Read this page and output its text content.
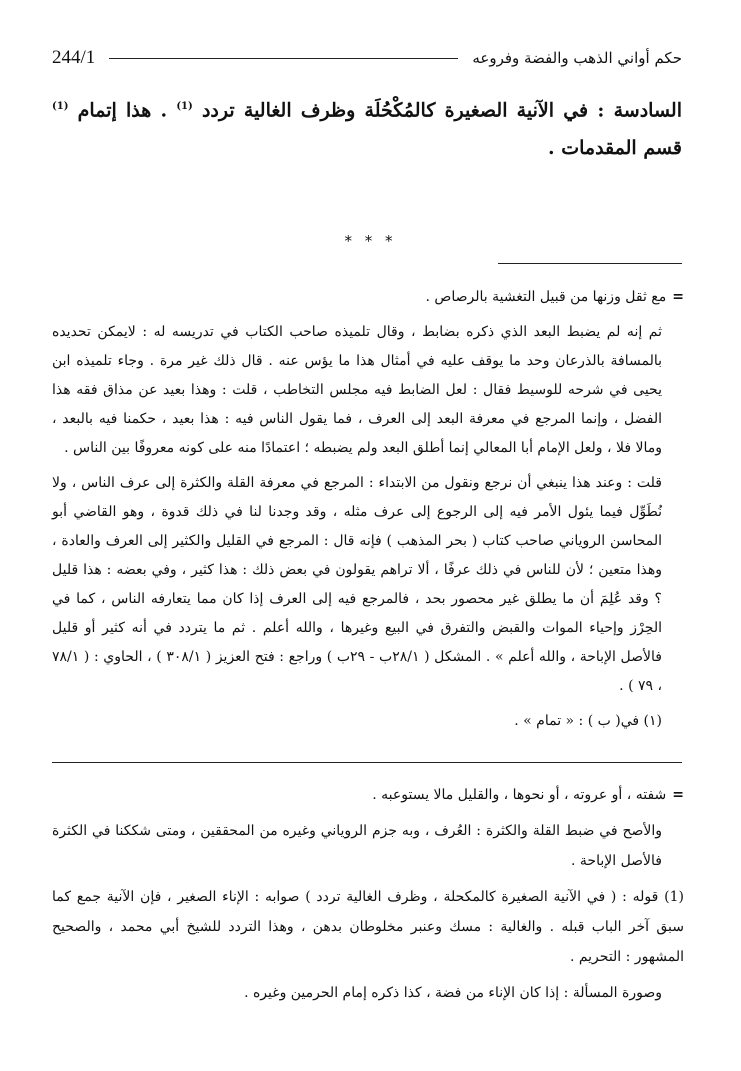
244/1	حكم أواني الذهب والفضة وفروعه
السادسة : في الآنية الصغيرة كالمُكْحُلَة وظرف الغالية تردد $^{(1)}$ . هذا إتمام $^{(1)}$ قسم المقدمات .
* * *

=مع ثقل وزنها من قبيل التغشية بالرصاص .

ثم إنه لم يضبط البعد الذي ذكره بضابط ، وقال تلميذه صاحب الكتاب في تدريسه له : لايمكن تحديده بالمسافة بالذرعان وحد ما يوقف عليه في أمثال هذا ما يؤس عنه . قال ذلك غير مرة . وجاء تلميذه ابن يحيى في شرحه للوسيط فقال : لعل الضابط فيه مجلس التخاطب ، قلت : وهذا بعيد عن مذاق فقه هذا الفضل ، وإنما المرجع في معرفة البعد إلى العرف ، فما يقول الناس فيه : هذا بعيد ، حكمنا فيه بالبعد ، ومالا فلا ، ولعل الإمام أبا المعالي إنما أطلق البعد ولم يضبطه ؛ اعتمادًا منه على كونه معروفًا بين الناس .

قلت : وعند هذا ينبغي أن نرجع ونقول من الابتداء : المرجع في معرفة القلة والكثرة إلى عرف الناس ، ولا نُطَوِّل فيما يئول الأمر فيه إلى الرجوع إلى عرف مثله ، وقد وجدنا لنا في ذلك قدوة ، وهو القاضي أبو المحاسن الروياني صاحب كتاب ( بحر المذهب ) فإنه قال : المرجع في القليل والكثير إلى العرف والعادة ، وهذا متعين ؛ لأن للناس في ذلك عرفًا ، ألا تراهم يقولون في بعض ذلك : هذا كثير ، وفي بعضه : هذا قليل ؟ وقد عُلِمَ أن ما يطلق غير محصور بحد ، فالمرجع فيه إلى العرف إذا كان مما يتعارفه الناس ، كما في الحِرْز وإحياء الموات والقبض والتفرق في البيع وغيرها ، والله أعلم . ثم ما يتردد في أنه كثير أو قليل فالأصل الإباحة ، والله أعلم » . المشكل ( ٢٨/١ب - ٢٩ب ) وراجع : فتح العزيز ( ٣٠٨/١ ) ، الحاوي : ( ٧٨/١ ، ٧٩ ) .

(١) في( ب ) : « تمام » .

=شفته ، أو عروته ، أو نحوها ، والقليل مالا يستوعبه .

والأصح في ضبط القلة والكثرة : العُرف ، وبه جزم الروياني وغيره من المحققين ، ومتى شككنا في الكثرة فالأصل الإباحة .

(1) قوله : ( في الآنية الصغيرة كالمكحلة ، وظرف الغالية تردد ) صوابه : الإناء الصغير ، فإن الآنية جمع كما سبق آخر الباب قبله . والغالية : مسك وعنبر مخلوطان بدهن ، وهذا التردد للشيخ أبي محمد ، والصحيح المشهور : التحريم .

وصورة المسألة : إذا كان الإناء من فضة ، كذا ذكره إمام الحرمين وغيره .
